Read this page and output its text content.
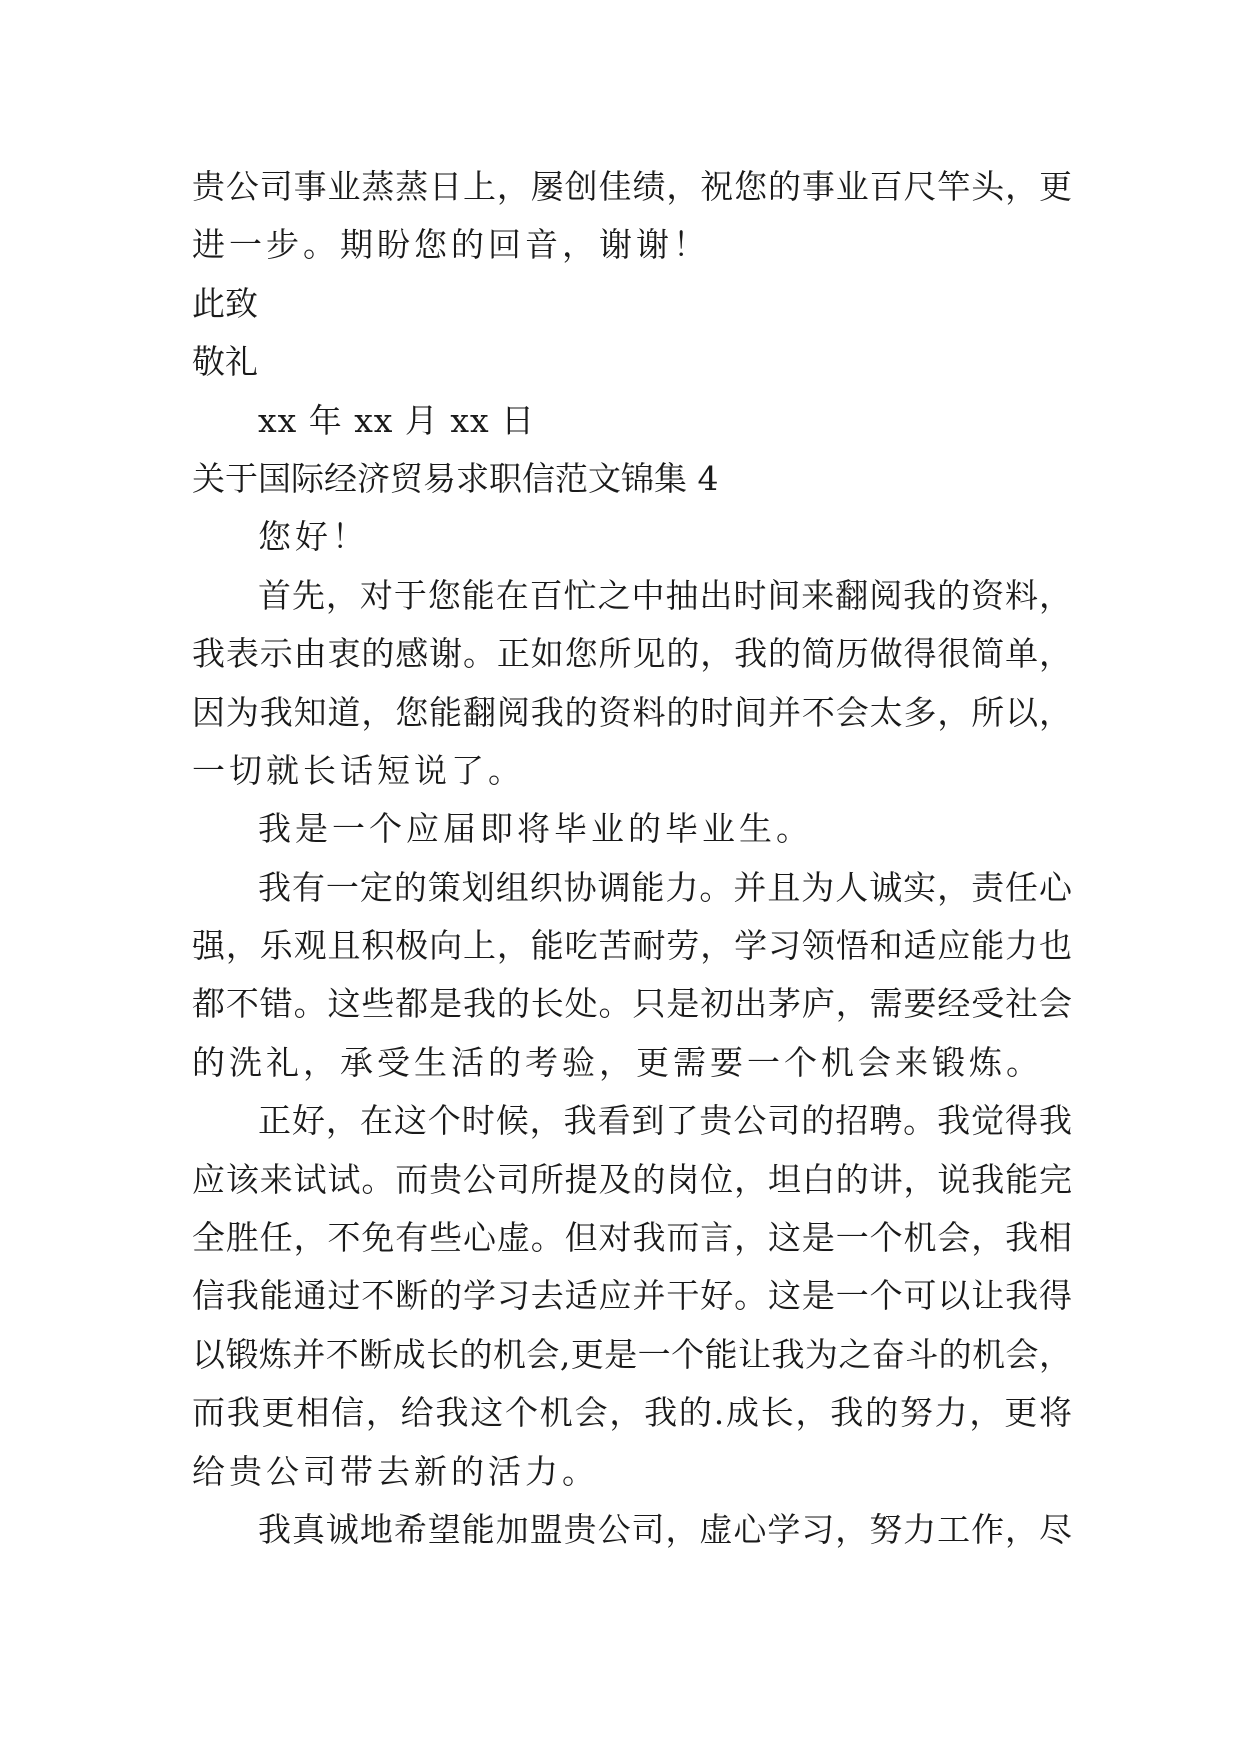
贵公司事业蒸蒸日上，屡创佳绩，祝您的事业百尺竿头，更
进一步。期盼您的回音，谢谢！
此致
敬礼
xx 年 xx 月 xx 日
关于国际经济贸易求职信范文锦集 4
您好！
首先，对于您能在百忙之中抽出时间来翻阅我的资料，
我表示由衷的感谢。正如您所见的，我的简历做得很简单，
因为我知道，您能翻阅我的资料的时间并不会太多，所以，
一切就长话短说了。
我是一个应届即将毕业的毕业生。
我有一定的策划组织协调能力。并且为人诚实，责任心
强，乐观且积极向上，能吃苦耐劳，学习领悟和适应能力也
都不错。这些都是我的长处。只是初出茅庐，需要经受社会
的洗礼，承受生活的考验，更需要一个机会来锻炼。
正好，在这个时候，我看到了贵公司的招聘。我觉得我
应该来试试。而贵公司所提及的岗位，坦白的讲，说我能完
全胜任，不免有些心虚。但对我而言，这是一个机会，我相
信我能通过不断的学习去适应并干好。这是一个可以让我得
以锻炼并不断成长的机会,更是一个能让我为之奋斗的机会，
而我更相信，给我这个机会，我的.成长，我的努力，更将
给贵公司带去新的活力。
我真诚地希望能加盟贵公司，虚心学习，努力工作，尽
